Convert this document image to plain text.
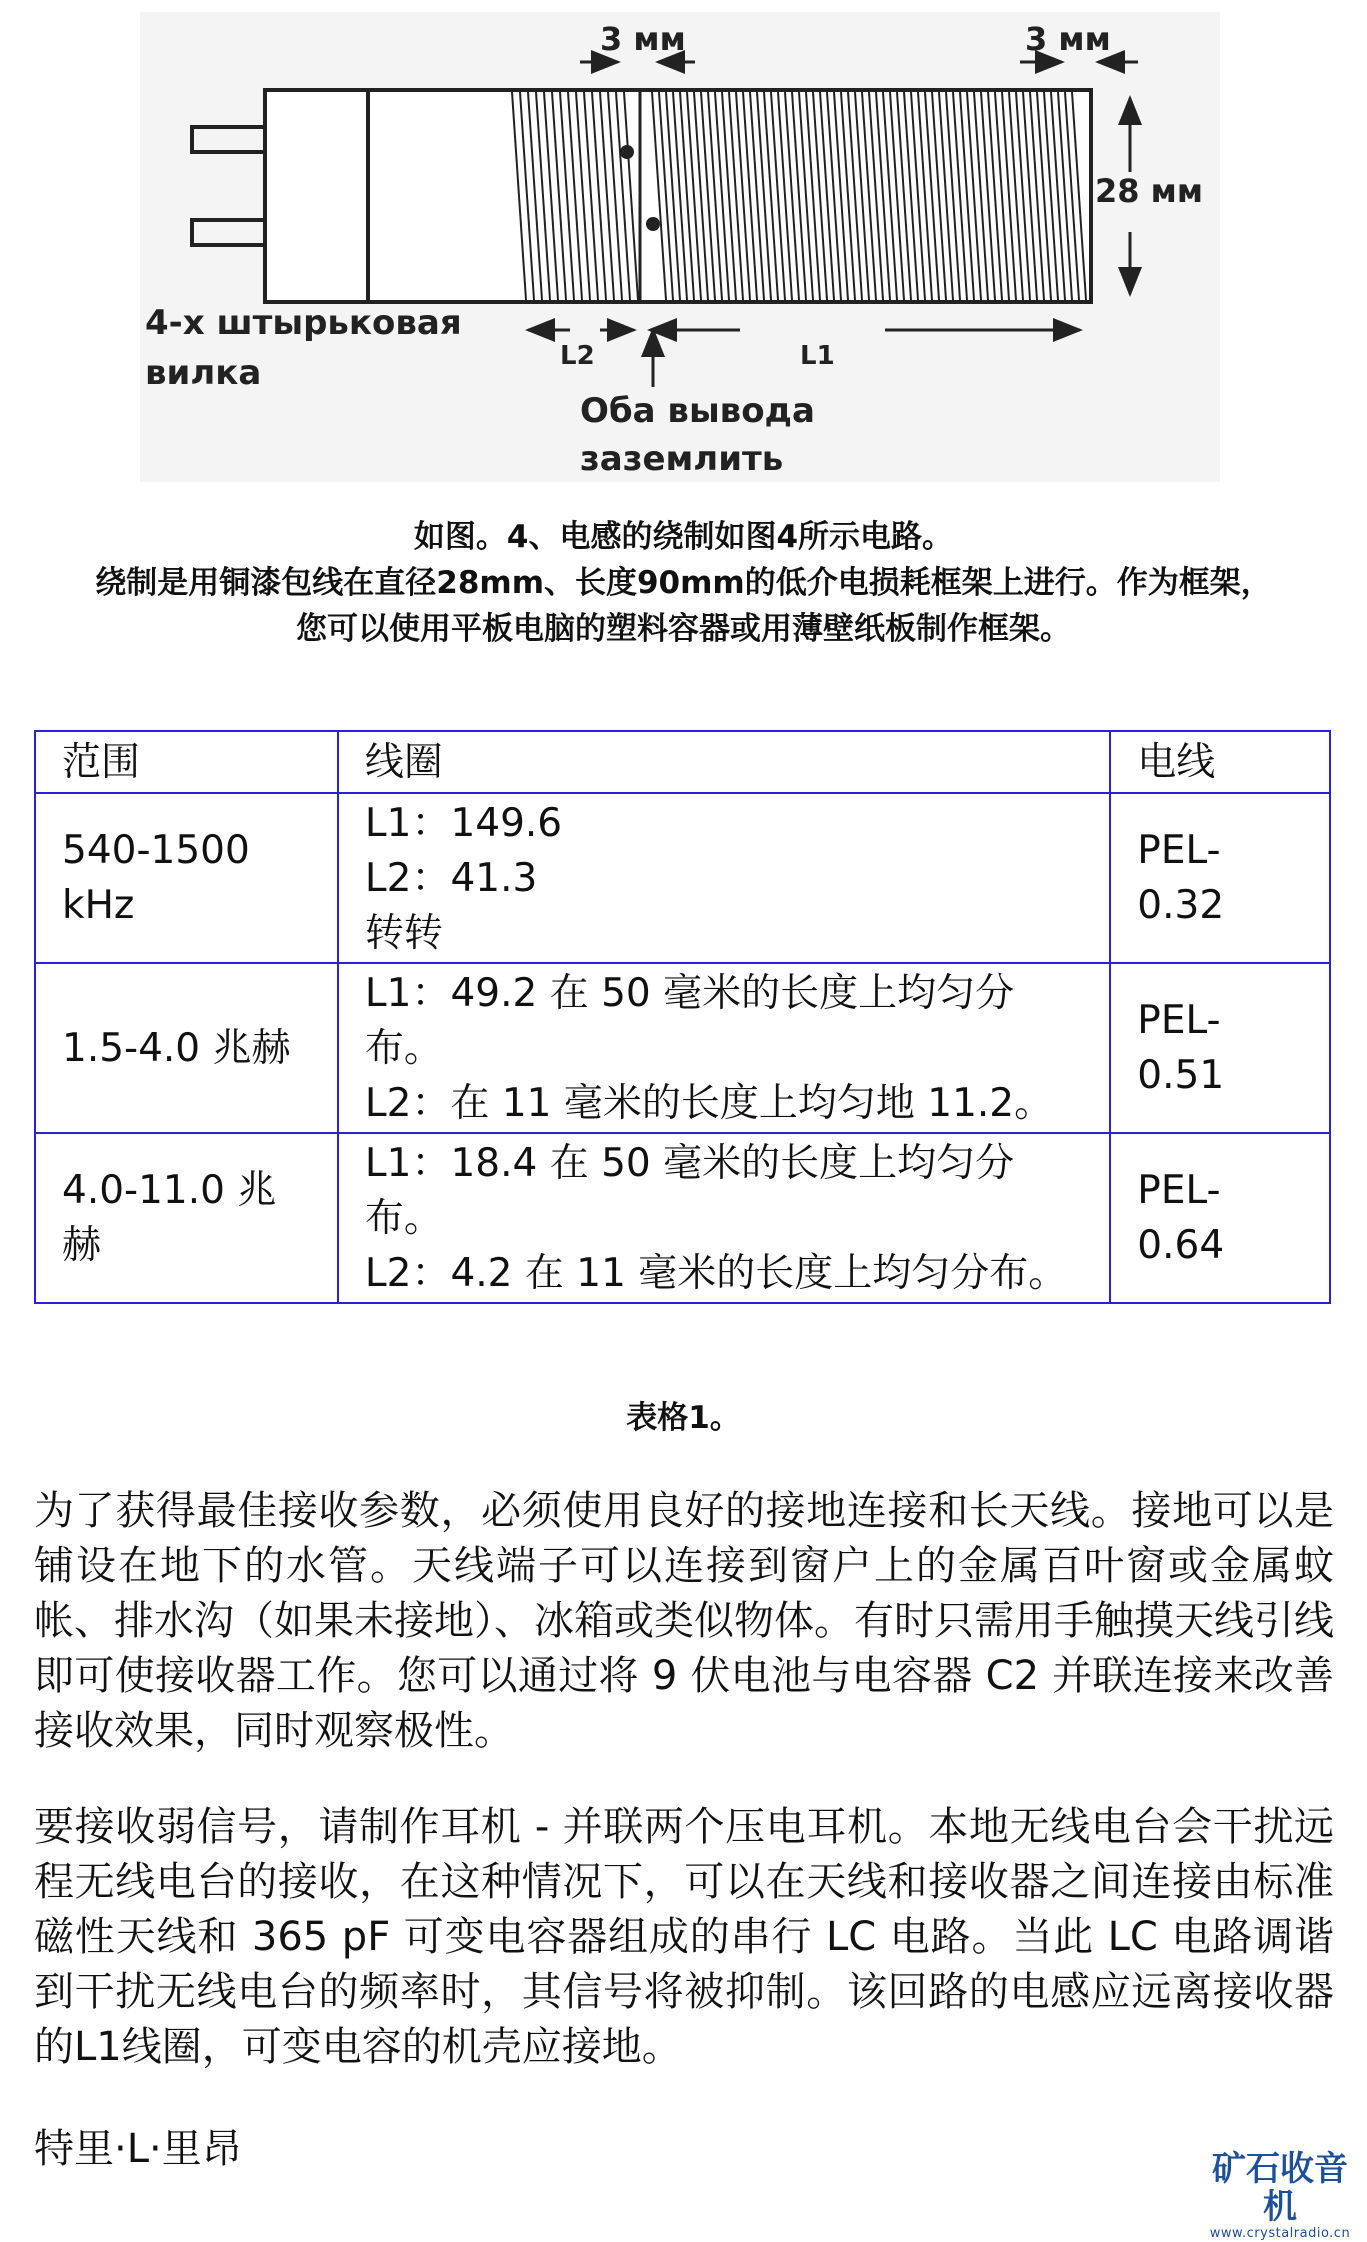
3 мм	3 мм
28 мм
4-х штырьковая
вилка	L2	L1
Оба вывода
заземлить
如图。4、电感的绕制如图4所示电路。
绕制是用铜漆包线在直径28mm、长度90mm的低介电损耗框架上进行。作为框架，
您可以使用平板电脑的塑料容器或用薄壁纸板制作框架。
范围	线圈	电线

540-1500 kHz	L1：149.6
L2：41.3
转转	PEL-0.32

1.5-4.0 兆赫	L1：49.2 在 50 毫米的长度上均匀分布。
L2：在 11 毫米的长度上均匀地 11.2。	PEL-0.51

4.0-11.0 兆赫	L1：18.4 在 50 毫米的长度上均匀分布。
L2：4.2 在 11 毫米的长度上均匀分布。	PEL-0.64
表格1。
为了获得最佳接收参数，必须使用良好的接地连接和长天线。接地可以是铺设在地下的水管。天线端子可以连接到窗户上的金属百叶窗或金属蚊帐、排水沟（如果未接地）、冰箱或类似物体。有时只需用手触摸天线引线即可使接收器工作。您可以通过将 9 伏电池与电容器 C2 并联连接来改善接收效果，同时观察极性。
要接收弱信号，请制作耳机 - 并联两个压电耳机。本地无线电台会干扰远程无线电台的接收，在这种情况下，可以在天线和接收器之间连接由标准磁性天线和 365 pF 可变电容器组成的串行 LC 电路。当此 LC 电路调谐到干扰无线电台的频率时，其信号将被抑制。该回路的电感应远离接收器的L1线圈，可变电容的机壳应接地。
特里·L·里昂	矿石收音机
www.crystalradio.cn
